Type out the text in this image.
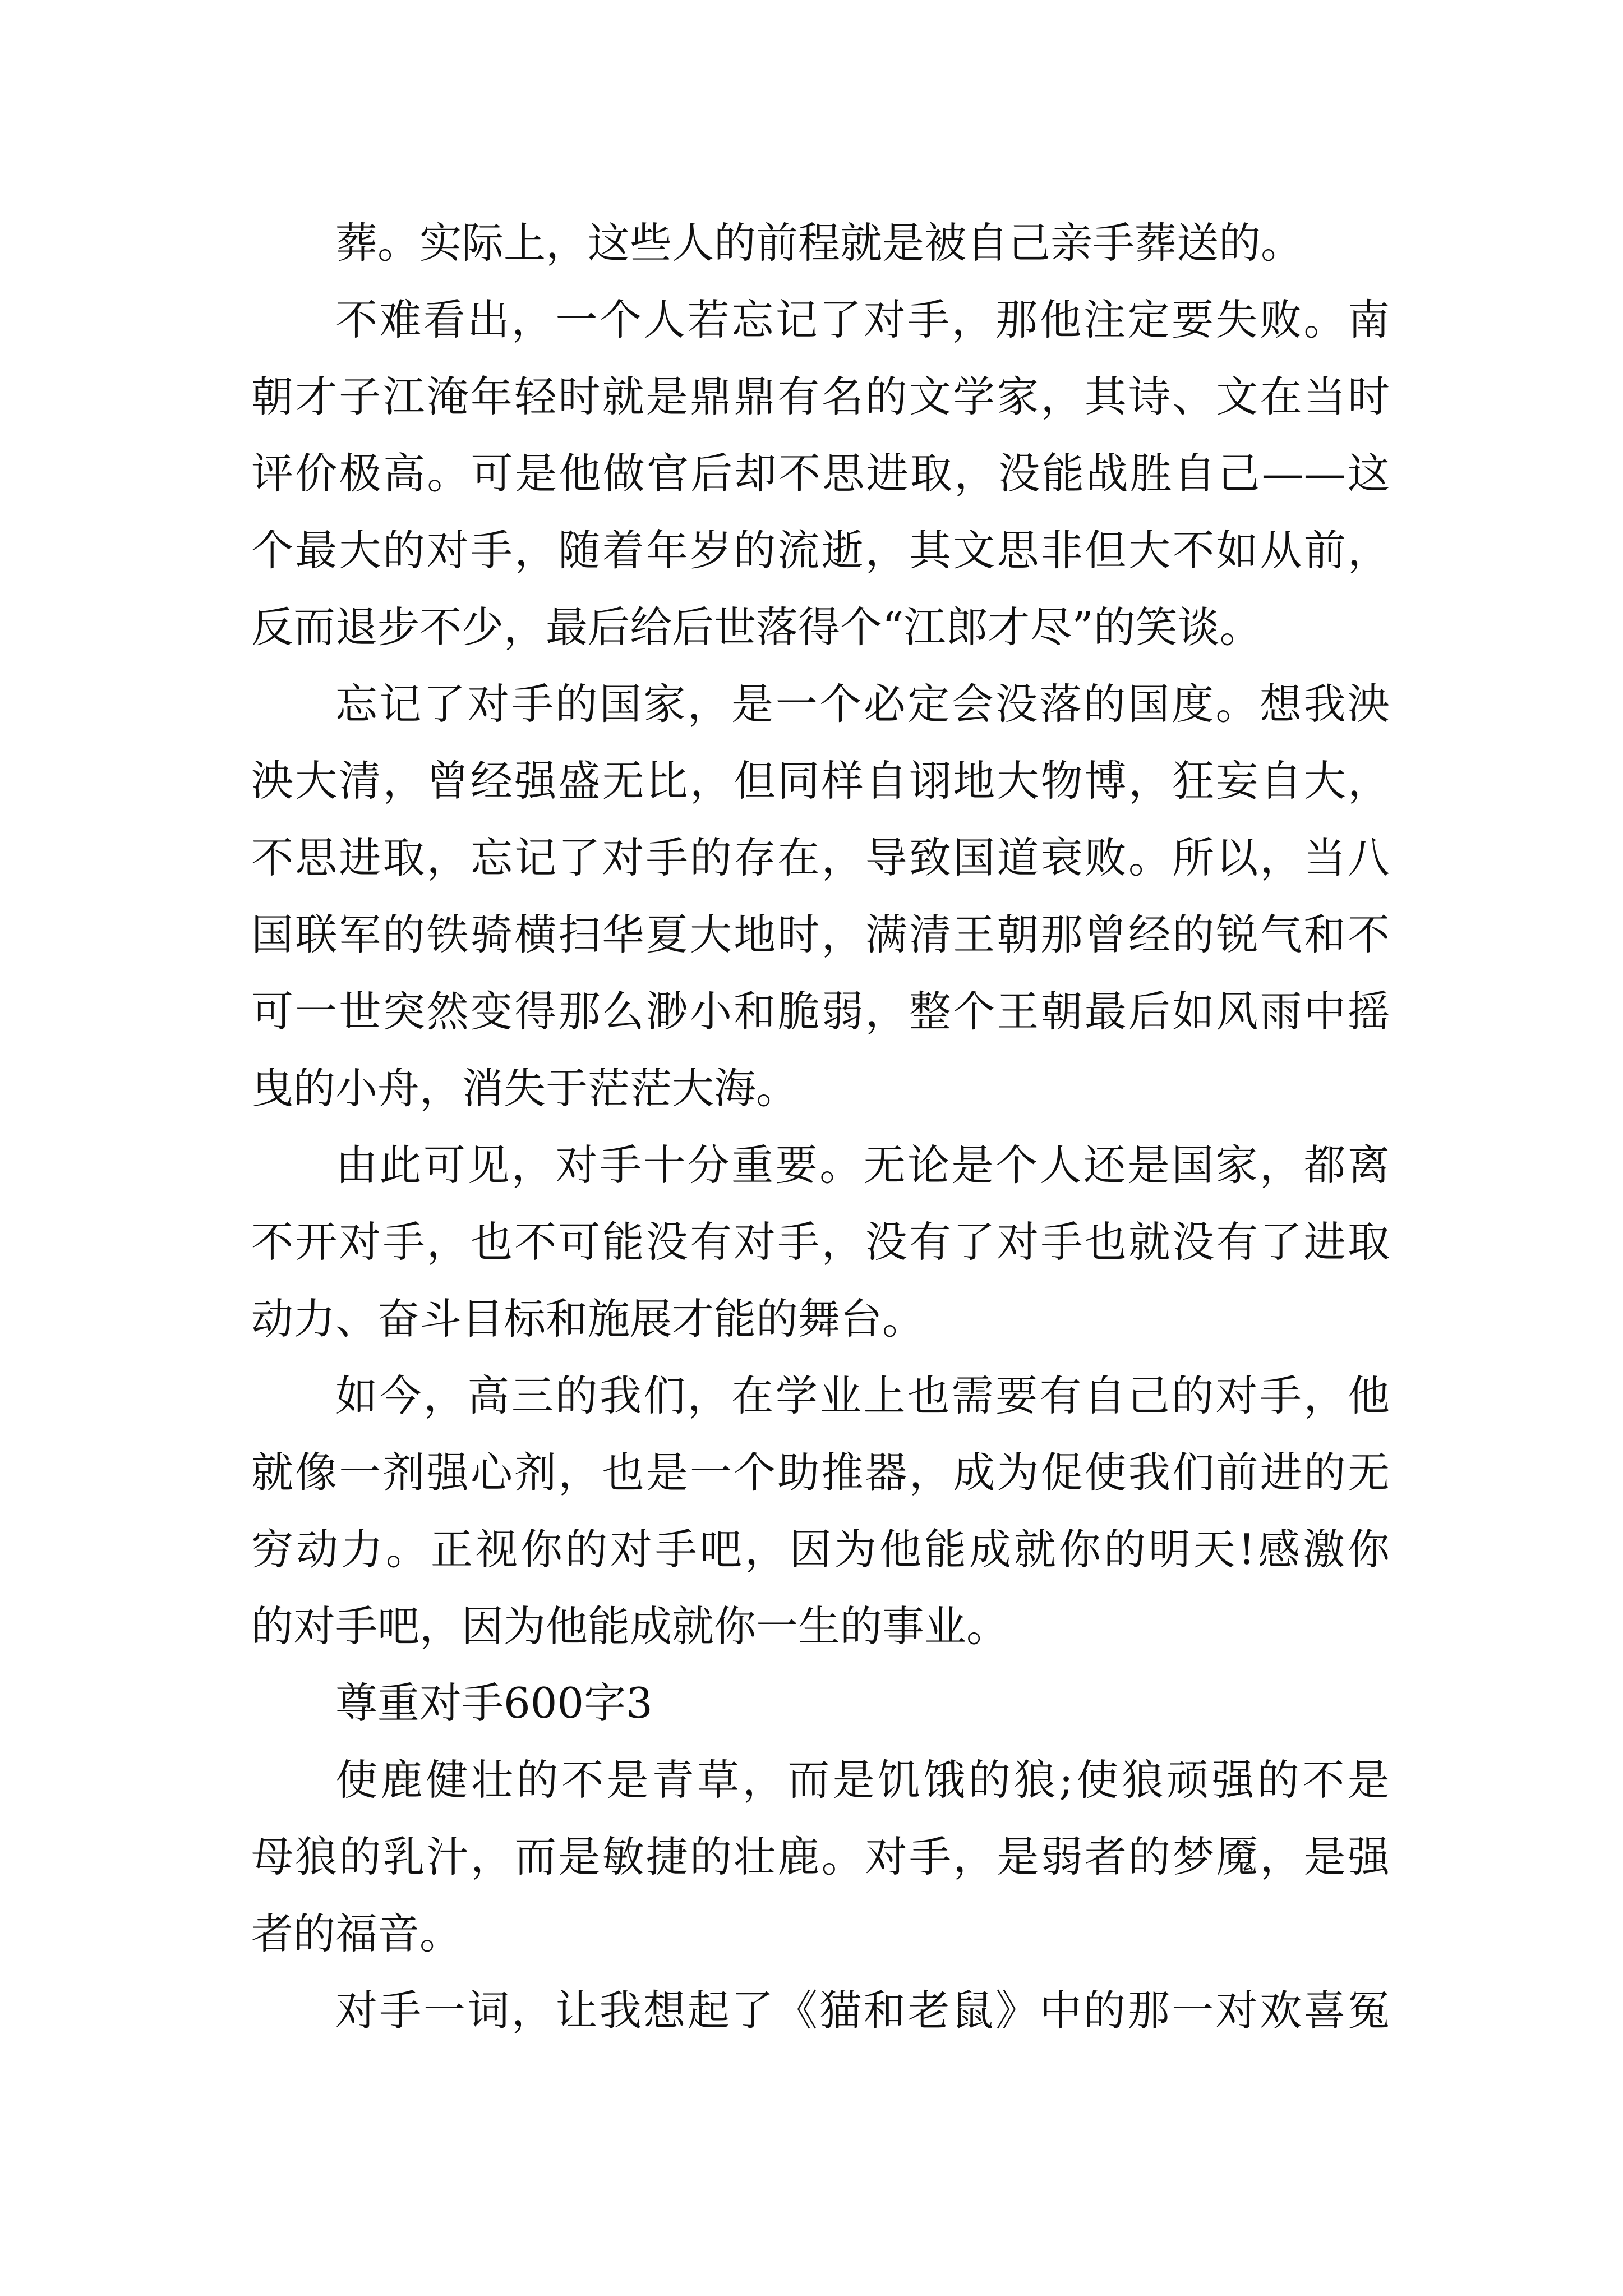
葬。实际上，这些人的前程就是被自己亲手葬送的。
不难看出，一个人若忘记了对手，那他注定要失败。南
朝才子江淹年轻时就是鼎鼎有名的文学家，其诗、文在当时
评价极高。可是他做官后却不思进取，没能战胜自己——这
个最大的对手，随着年岁的流逝，其文思非但大不如从前，
反而退步不少，最后给后世落得个“江郎才尽”的笑谈。
忘记了对手的国家，是一个必定会没落的国度。想我泱
泱大清，曾经强盛无比，但同样自诩地大物博，狂妄自大，
不思进取，忘记了对手的存在，导致国道衰败。所以，当八
国联军的铁骑横扫华夏大地时，满清王朝那曾经的锐气和不
可一世突然变得那么渺小和脆弱，整个王朝最后如风雨中摇
曳的小舟，消失于茫茫大海。
由此可见，对手十分重要。无论是个人还是国家，都离
不开对手，也不可能没有对手，没有了对手也就没有了进取
动力、奋斗目标和施展才能的舞台。
如今，高三的我们，在学业上也需要有自己的对手，他
就像一剂强心剂，也是一个助推器，成为促使我们前进的无
穷动力。正视你的对手吧，因为他能成就你的明天!感激你
的对手吧，因为他能成就你一生的事业。
尊重对手600字3
使鹿健壮的不是青草，而是饥饿的狼;使狼顽强的不是
母狼的乳汁，而是敏捷的壮鹿。对手，是弱者的梦魇，是强
者的福音。
对手一词，让我想起了《猫和老鼠》中的那一对欢喜冤
